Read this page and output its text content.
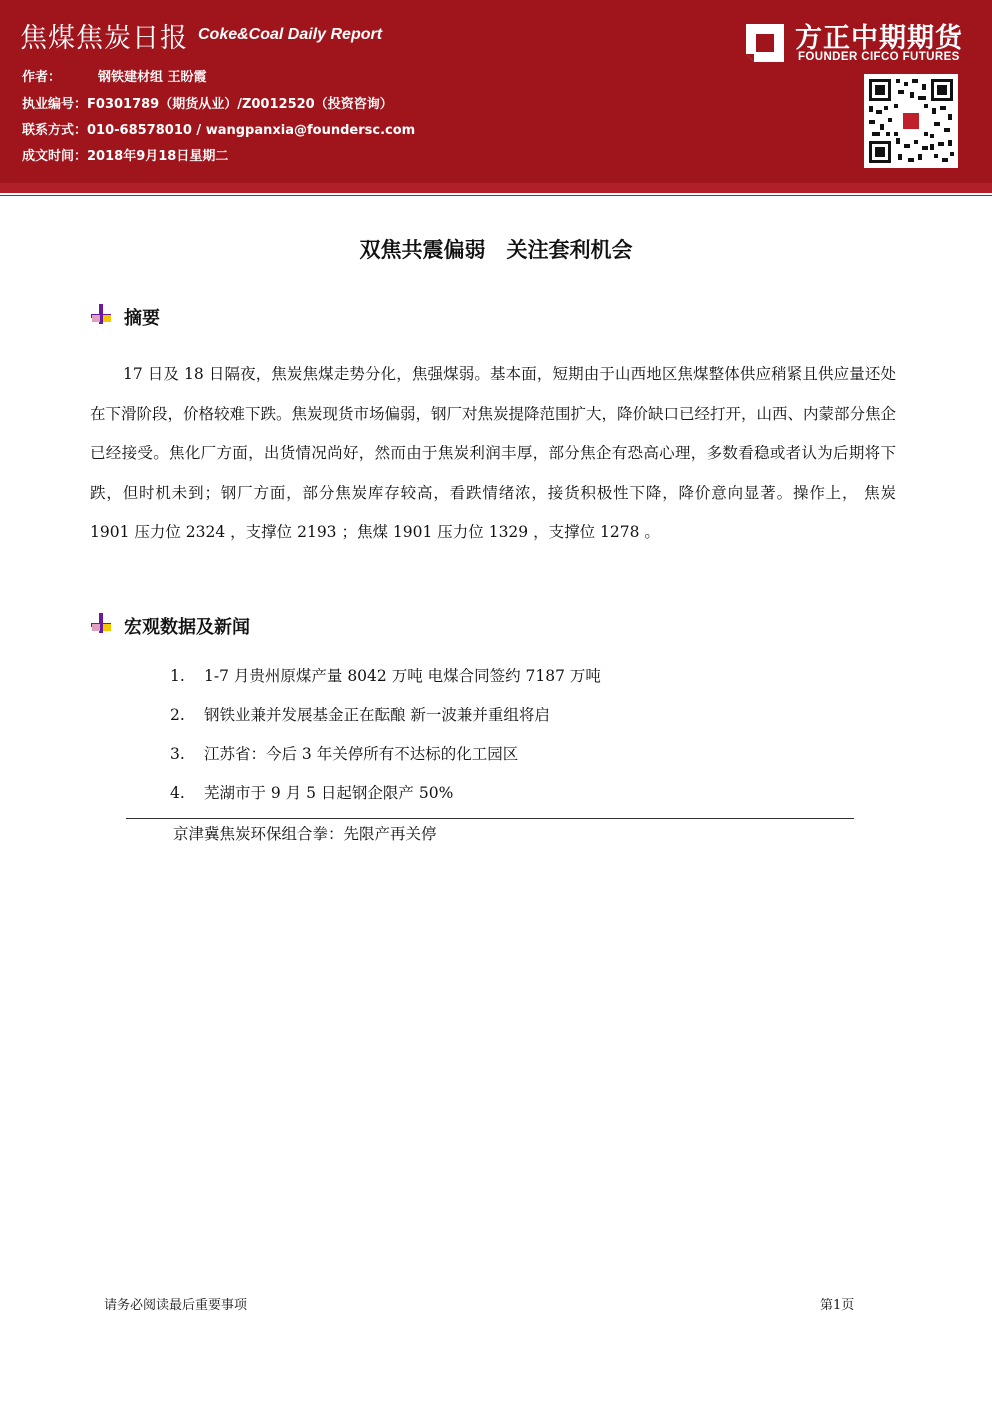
焦煤焦炭日报 Coke&Coal Daily Report
作者：	钢铁建材组 王盼霞
执业编号：F0301789（期货从业）/Z0012520（投资咨询）
联系方式：010-68578010 / wangpanxia@foundersc.com
成文时间：2018年9月18日星期二
方正中期期货
FOUNDER CIFCO FUTURES
双焦共震偏弱　关注套利机会
摘要

17 日及 18 日隔夜，焦炭焦煤走势分化，焦强煤弱。基本面，短期由于山西地区焦煤整体供应稍紧且供应量还处在下滑阶段，价格较难下跌。焦炭现货市场偏弱，钢厂对焦炭提降范围扩大，降价缺口已经打开，山西、内蒙部分焦企已经接受。焦化厂方面，出货情况尚好，然而由于焦炭利润丰厚，部分焦企有恐高心理，多数看稳或者认为后期将下跌，但时机未到；钢厂方面，部分焦炭库存较高，看跌情绪浓，接货积极性下降，降价意向显著。操作上， 焦炭 1901 压力位 2324 ，支撑位 2193 ；焦煤 1901 压力位 1329 ，支撑位 1278 。

宏观数据及新闻
1. 1-7 月贵州原煤产量 8042 万吨 电煤合同签约 7187 万吨
2. 钢铁业兼并发展基金正在酝酿 新一波兼并重组将启
3. 江苏省：今后 3 年关停所有不达标的化工园区
4. 芜湖市于 9 月 5 日起钢企限产 50%
京津冀焦炭环保组合拳：先限产再关停
请务必阅读最后重要事项	第1页
